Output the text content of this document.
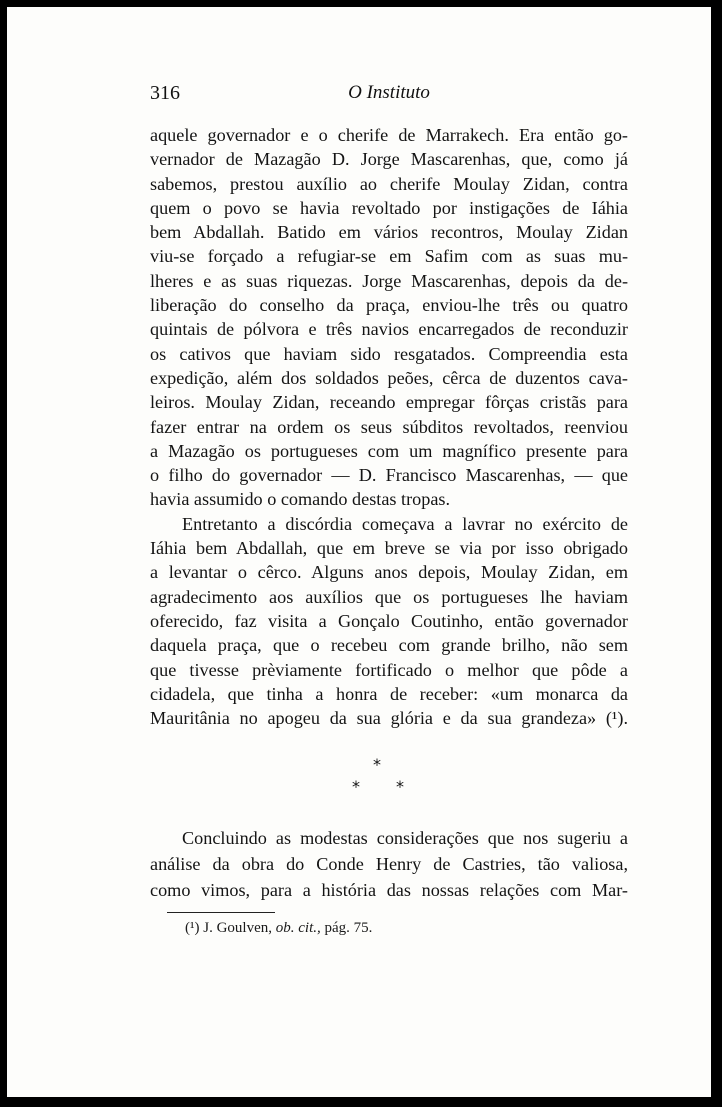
316	O Instituto

aquele governador e o cherife de Marrakech. Era então go-
vernador de Mazagão D. Jorge Mascarenhas, que, como já
sabemos, prestou auxílio ao cherife Moulay Zidan, contra
quem o povo se havia revoltado por instigações de Iáhia
bem Abdallah. Batido em vários recontros, Moulay Zidan
viu-se forçado a refugiar-se em Safim com as suas mu-
lheres e as suas riquezas. Jorge Mascarenhas, depois da de-
liberação do conselho da praça, enviou-lhe três ou quatro
quintais de pólvora e três navios encarregados de reconduzir
os cativos que haviam sido resgatados. Compreendia esta
expedição, além dos soldados peões, cêrca de duzentos cava-
leiros. Moulay Zidan, receando empregar fôrças cristãs para
fazer entrar na ordem os seus súbditos revoltados, reenviou
a Mazagão os portugueses com um magnífico presente para
o filho do governador — D. Francisco Mascarenhas, — que
havia assumido o comando destas tropas.

Entretanto a discórdia começava a lavrar no exército de
Iáhia bem Abdallah, que em breve se via por isso obrigado
a levantar o cêrco. Alguns anos depois, Moulay Zidan, em
agradecimento aos auxílios que os portugueses lhe haviam
oferecido, faz visita a Gonçalo Coutinho, então governador
daquela praça, que o recebeu com grande brilho, não sem
que tivesse prèviamente fortificado o melhor que pôde a
cidadela, que tinha a honra de receber: «um monarca da
Mauritânia no apogeu da sua glória e da sua grandeza» (¹).

*
* *
Concluindo as modestas considerações que nos sugeriu a
análise da obra do Conde Henry de Castries, tão valiosa,
como vimos, para a história das nossas relações com Mar-
(¹) J. Goulven, ob. cit., pág. 75.
